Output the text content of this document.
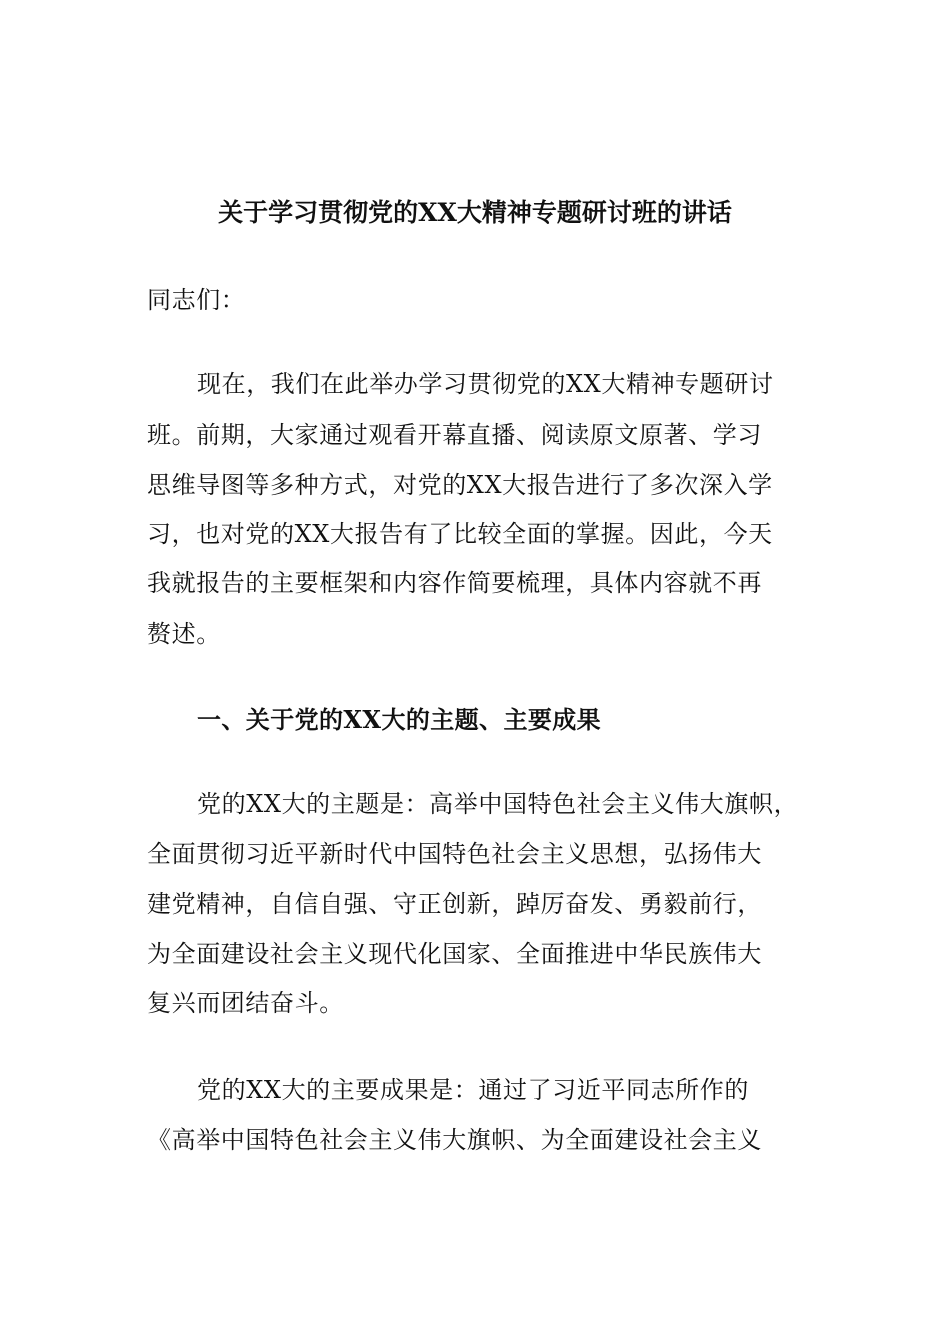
关于学习贯彻党的XX大精神专题研讨班的讲话
同志们：
现在，我们在此举办学习贯彻党的XX大精神专题研讨
班。前期，大家通过观看开幕直播、阅读原文原著、学习
思维导图等多种方式，对党的XX大报告进行了多次深入学
习，也对党的XX大报告有了比较全面的掌握。因此，今天
我就报告的主要框架和内容作简要梳理，具体内容就不再
赘述。
一、关于党的XX大的主题、主要成果
党的XX大的主题是：高举中国特色社会主义伟大旗帜，
全面贯彻习近平新时代中国特色社会主义思想，弘扬伟大
建党精神，自信自强、守正创新，踔厉奋发、勇毅前行，
为全面建设社会主义现代化国家、全面推进中华民族伟大
复兴而团结奋斗。
党的XX大的主要成果是：通过了习近平同志所作的
《高举中国特色社会主义伟大旗帜、为全面建设社会主义
